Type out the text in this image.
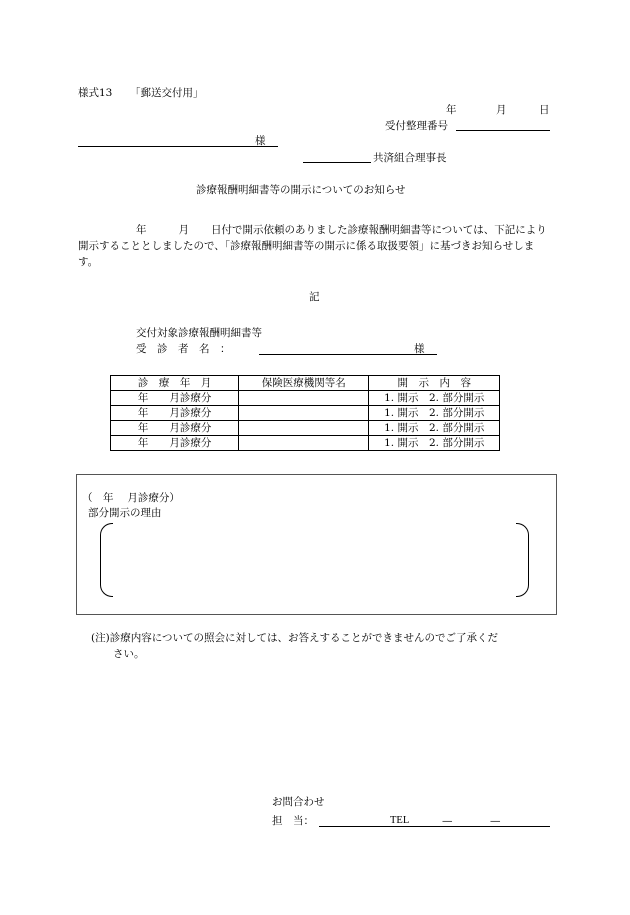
様式13 「郵送交付用」
年	月	日
受付整理番号
様
共済組合理事長
診療報酬明細書等の開示についてのお知らせ
年	月 日付で開示依頼のありました診療報酬明細書等については、下記により開示することとしましたので、「診療報酬明細書等の開示に係る取扱要領」に基づきお知らせします。
記
交付対象診療報酬明細書等
受　診　者　名　：	様
診　療　年　月	保険医療機関等名	開　示　内　容
年　　月診療分		1. 開示　2. 部分開示
年　　月診療分		1. 開示　2. 部分開示
年　　月診療分		1. 開示　2. 部分開示
年　　月診療分		1. 開示　2. 部分開示
（　年　 月診療分）
部分開示の理由
(注)診療内容についての照会に対しては、お答えすることができませんのでご了承くだ
さい。
お問合わせ
担　当：	TEL	—	—
